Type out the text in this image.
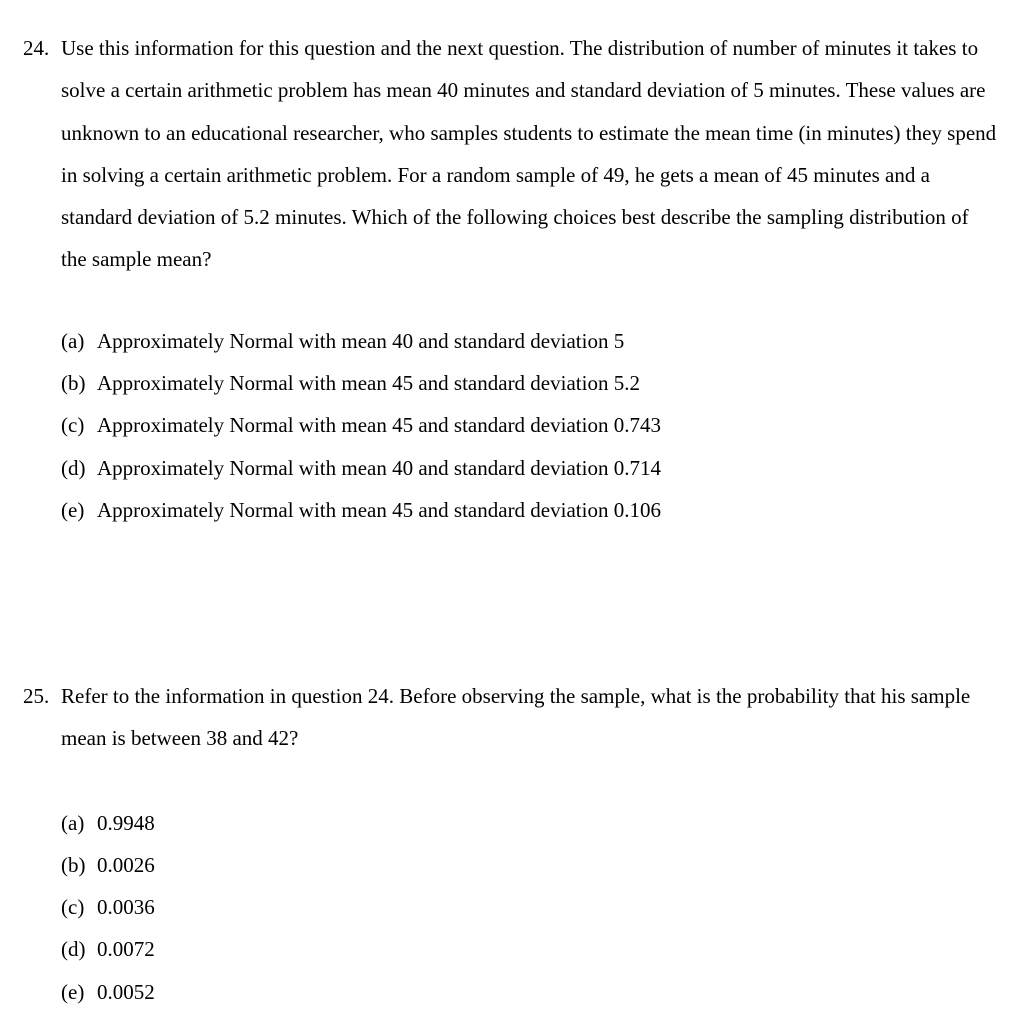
24. Use this information for this question and the next question. The distribution of number of minutes it takes to solve a certain arithmetic problem has mean 40 minutes and standard deviation of 5 minutes. These values are unknown to an educational researcher, who samples students to estimate the mean time (in minutes) they spend in solving a certain arithmetic problem. For a random sample of 49, he gets a mean of 45 minutes and a standard deviation of 5.2 minutes. Which of the following choices best describe the sampling distribution of the sample mean?

(a) Approximately Normal with mean 40 and standard deviation 5
(b) Approximately Normal with mean 45 and standard deviation 5.2
(c) Approximately Normal with mean 45 and standard deviation 0.743
(d) Approximately Normal with mean 40 and standard deviation 0.714
(e) Approximately Normal with mean 45 and standard deviation 0.106
25. Refer to the information in question 24. Before observing the sample, what is the probability that his sample mean is between 38 and 42?

(a) 0.9948
(b) 0.0026
(c) 0.0036
(d) 0.0072
(e) 0.0052
